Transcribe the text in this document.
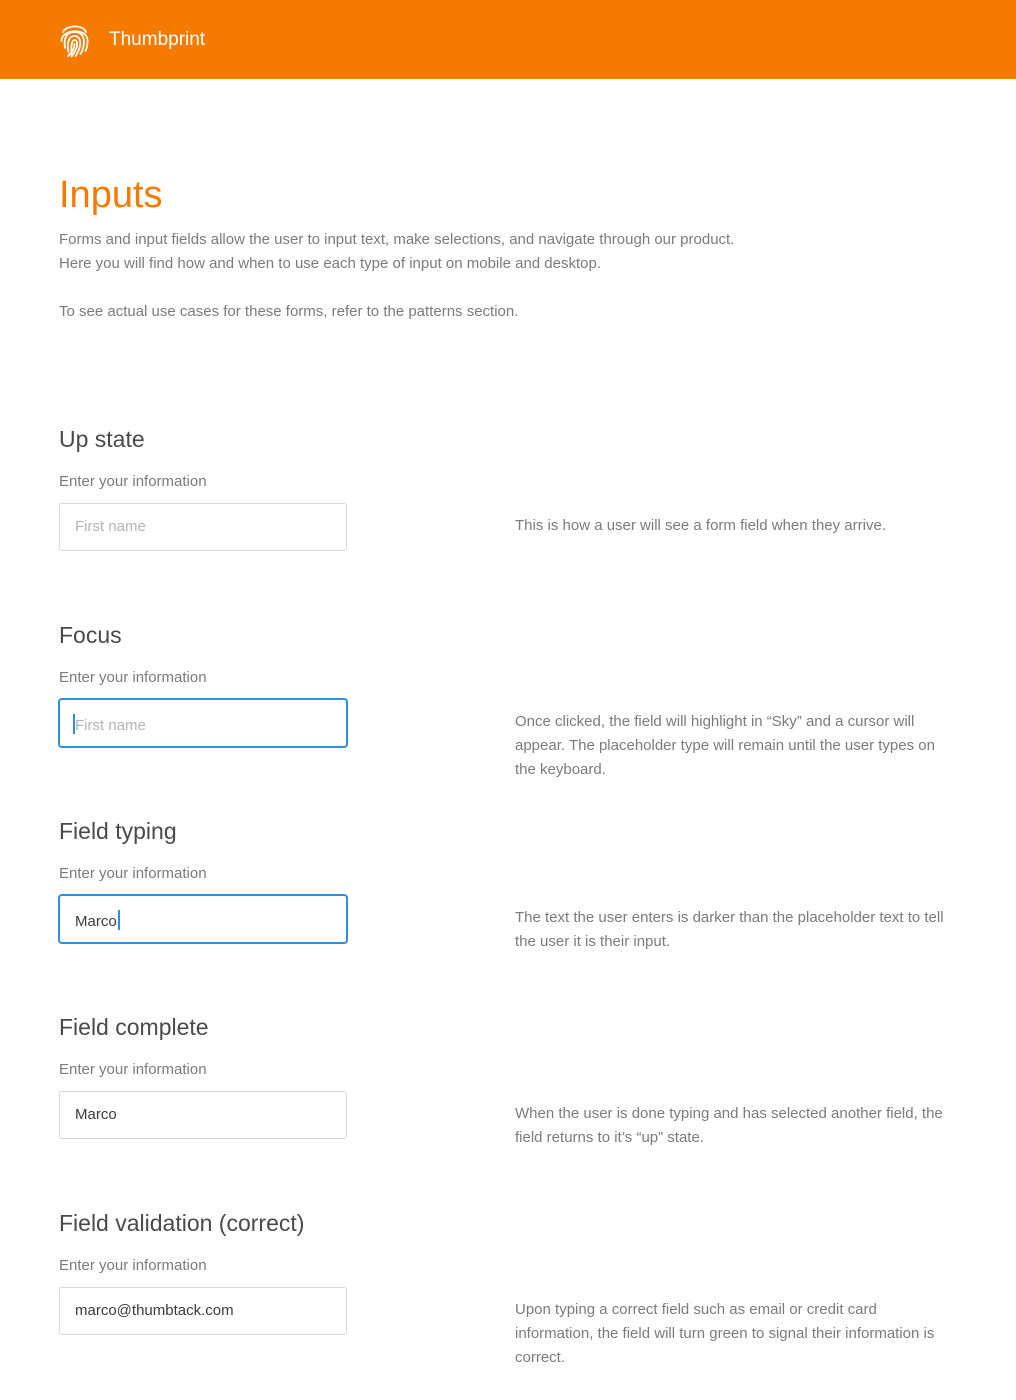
Thumbprint
Inputs

Forms and input fields allow the user to input text, make selections, and navigate through our product. Here you will find how and when to use each type of input on mobile and desktop.

To see actual use cases for these forms, refer to the patterns section.

Up state
Enter your information
First name	This is how a user will see a form field when they arrive.

Focus
Enter your information
First name	Once clicked, the field will highlight in “Sky” and a cursor will appear. The placeholder type will remain until the user types on the keyboard.

Field typing
Enter your information
Marco	The text the user enters is darker than the placeholder text to tell the user it is their input.

Field complete
Enter your information
Marco	When the user is done typing and has selected another field, the field returns to it’s “up” state.

Field validation (correct)
Enter your information
marco@thumbtack.com	Upon typing a correct field such as email or credit card information, the field will turn green to signal their information is correct.
